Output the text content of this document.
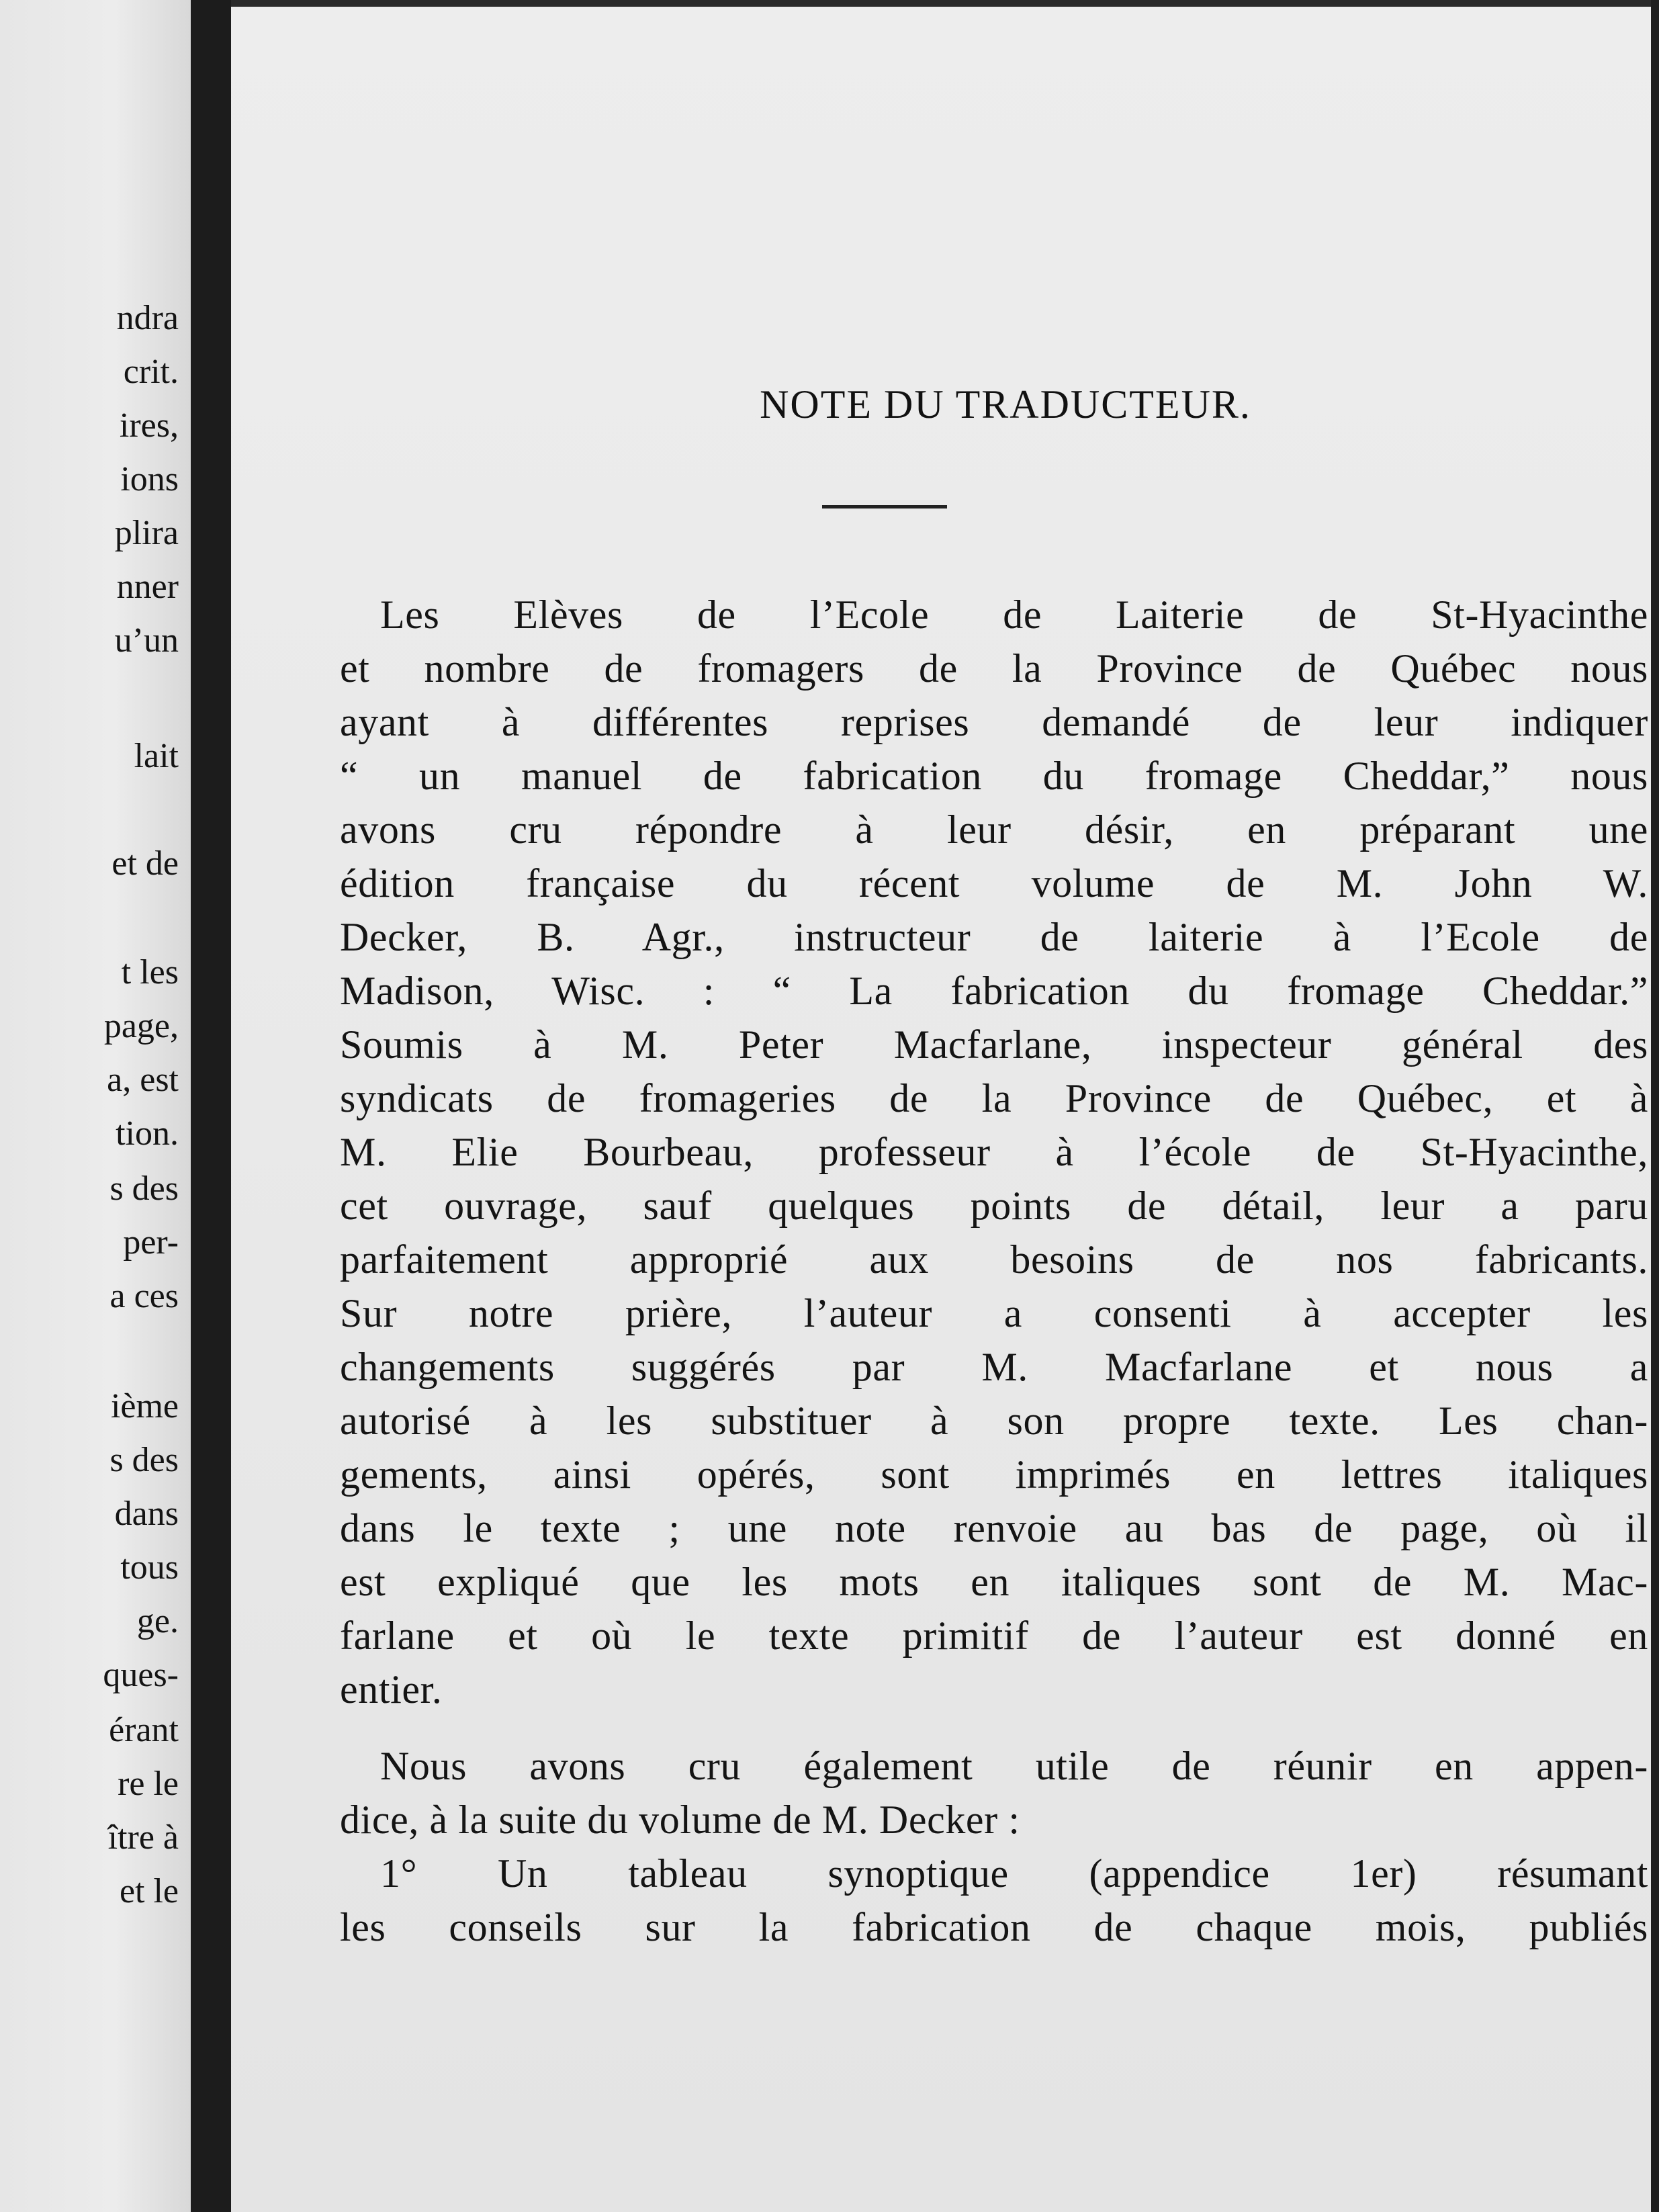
ndra
crit.
ires,
ions
plira
nner
u’un
lait
et de
t les
page,
a, est
tion.
s des
per-
a ces
ième
s des
dans
tous
ge.
ques-
érant
re le
ître à
et le
NOTE DU TRADUCTEUR.
Les Elèves de l’Ecole de Laiterie de St-Hyacinthe
et nombre de fromagers de la Province de Québec nous
ayant à différentes reprises demandé de leur indiquer
“ un manuel de fabrication du fromage Cheddar,” nous
avons cru répondre à leur désir, en préparant une
édition française du récent volume de M. John W.
Decker, B. Agr., instructeur de laiterie à l’Ecole de
Madison, Wisc. : “ La fabrication du fromage Cheddar.”
Soumis à M. Peter Macfarlane, inspecteur général des
syndicats de fromageries de la Province de Québec, et à
M. Elie Bourbeau, professeur à l’école de St-Hyacinthe,
cet ouvrage, sauf quelques points de détail, leur a paru
parfaitement approprié aux besoins de nos fabricants.
Sur notre prière, l’auteur a consenti à accepter les
changements suggérés par M. Macfarlane et nous a
autorisé à les substituer à son propre texte. Les chan-
gements, ainsi opérés, sont imprimés en lettres italiques
dans le texte ; une note renvoie au bas de page, où il
est expliqué que les mots en italiques sont de M. Mac-
farlane et où le texte primitif de l’auteur est donné en
entier.
Nous avons cru également utile de réunir en appen-
dice, à la suite du volume de M. Decker :
1° Un tableau synoptique (appendice 1er) résumant
les conseils sur la fabrication de chaque mois, publiés
